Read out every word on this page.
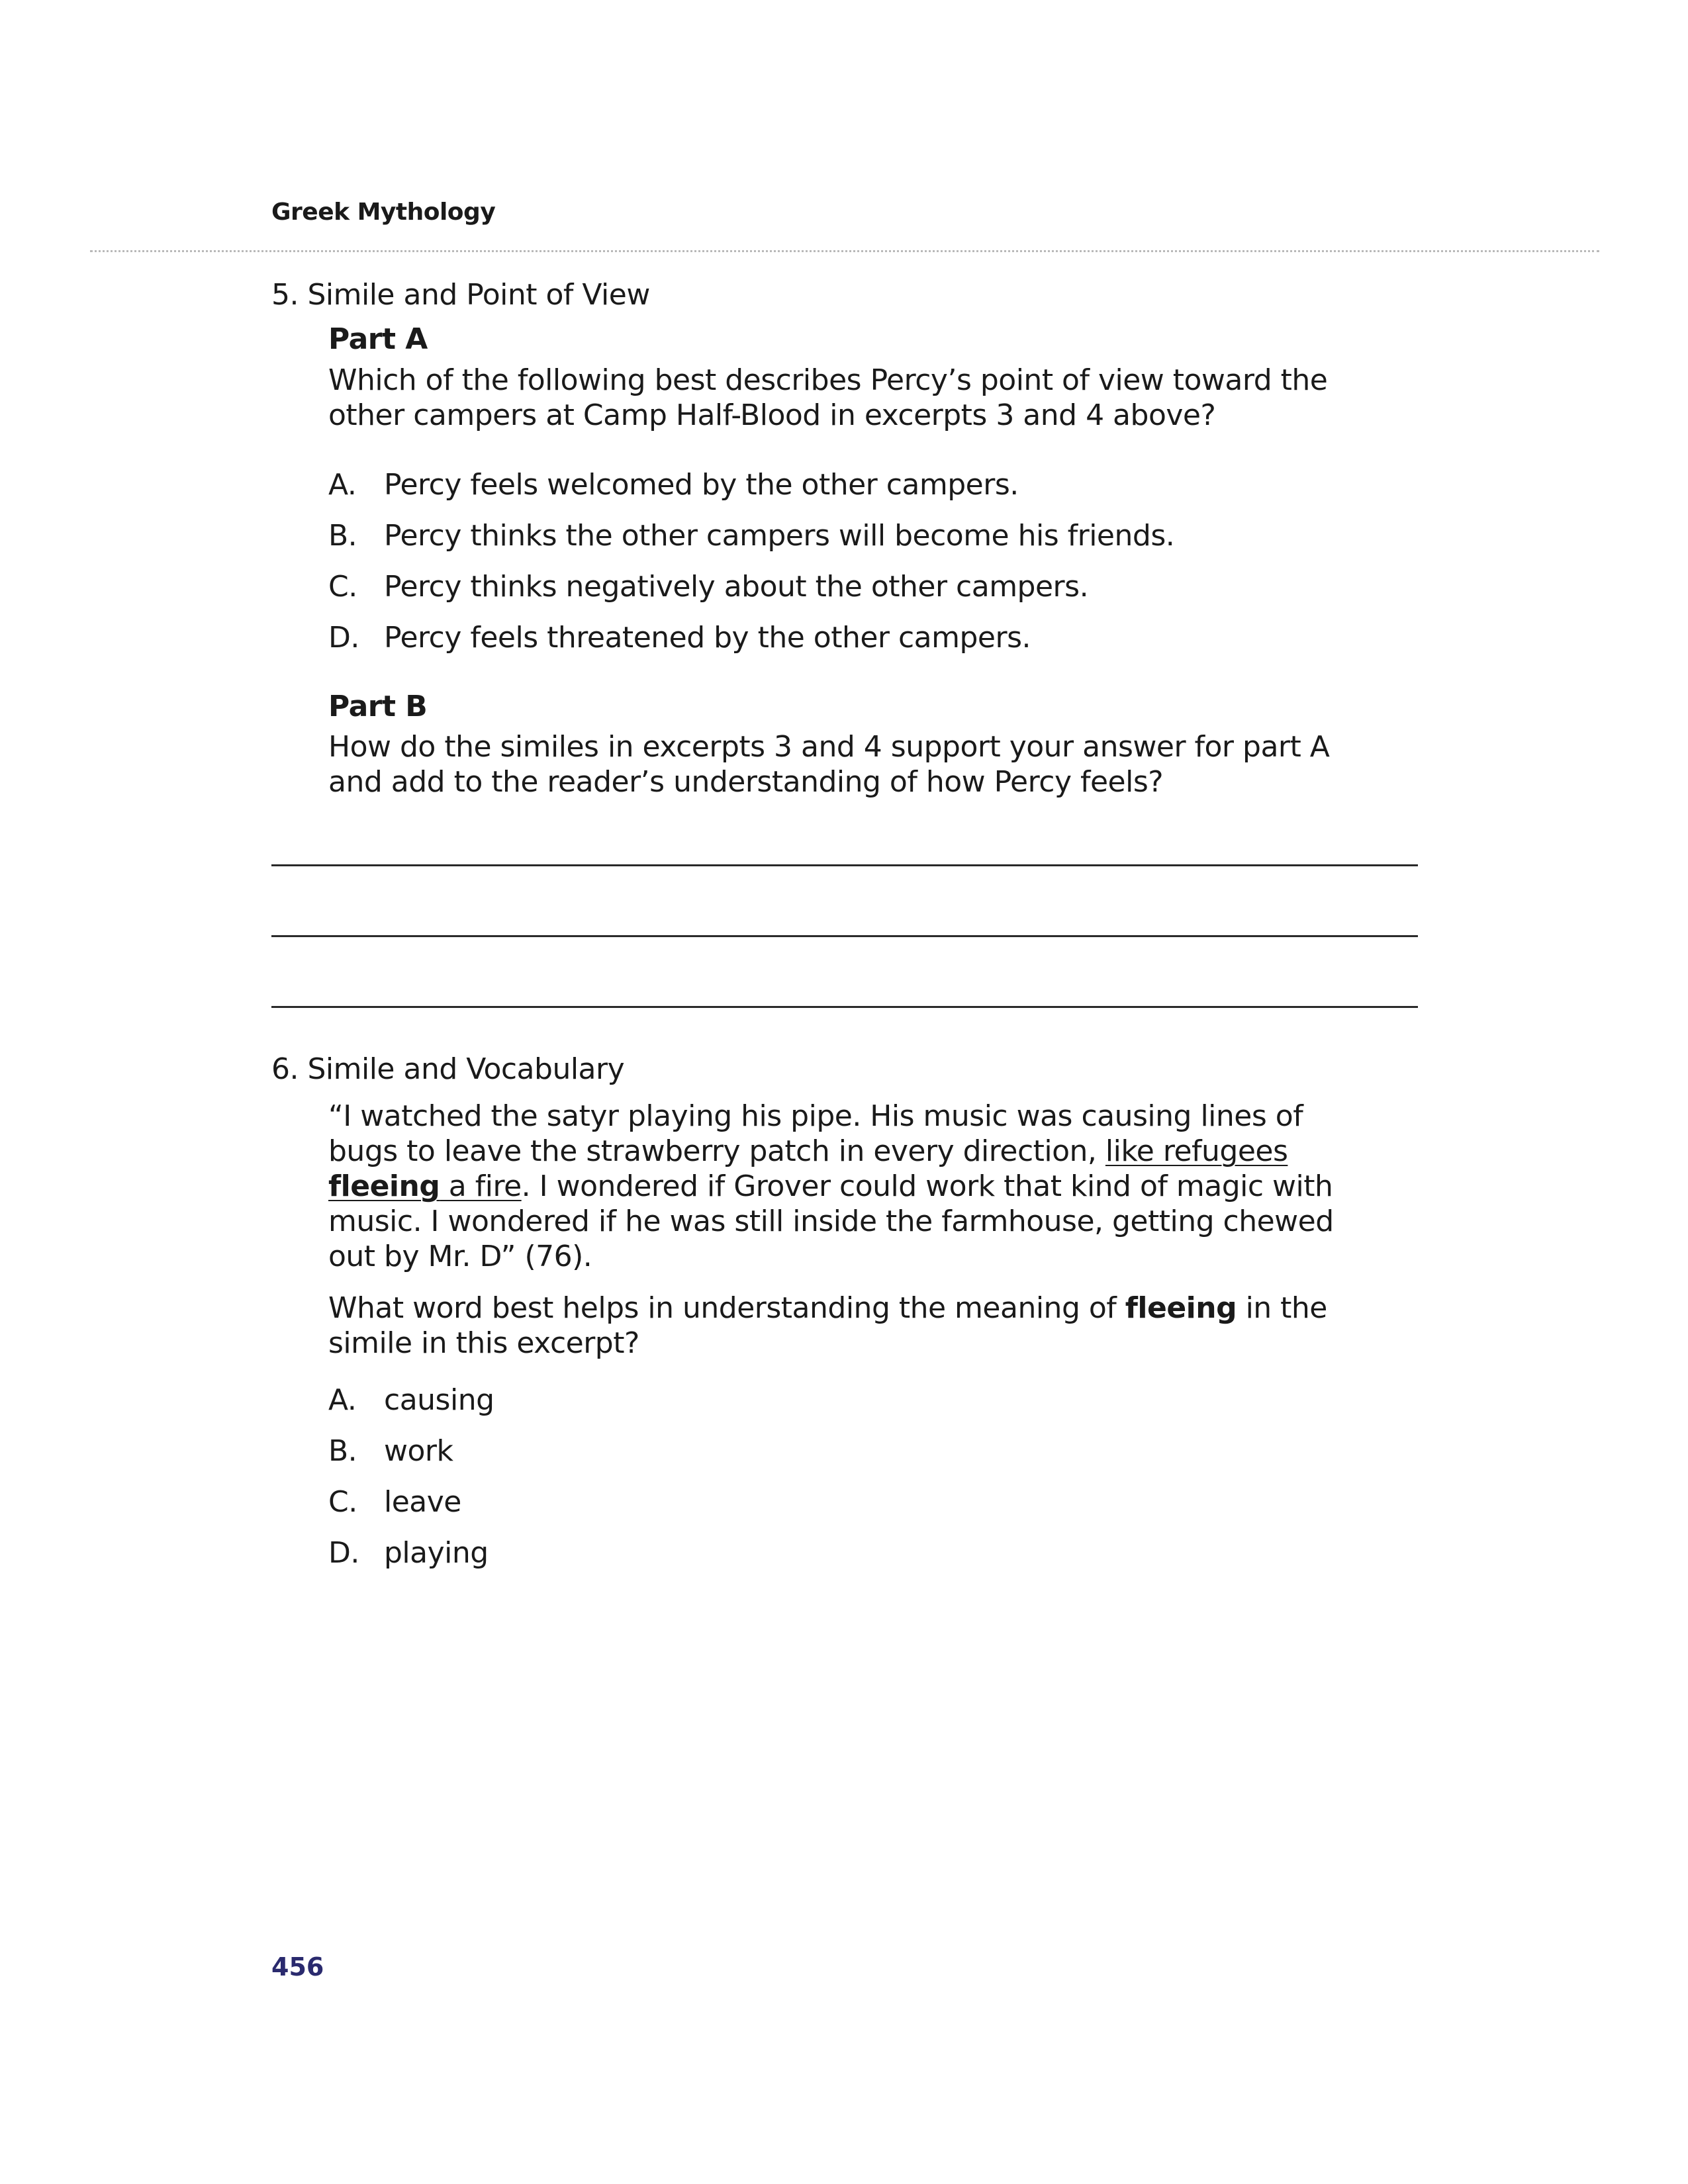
Greek Mythology
5. Simile and Point of View
Part A

Which of the following best describes Percy’s point of view toward the other campers at Camp Half-Blood in excerpts 3 and 4 above?

A. Percy feels welcomed by the other campers.
B. Percy thinks the other campers will become his friends.
C. Percy thinks negatively about the other campers.
D. Percy feels threatened by the other campers.
Part B

How do the similes in excerpts 3 and 4 support your answer for part A and add to the reader’s understanding of how Percy feels?

6. Simile and Vocabulary

“I watched the satyr playing his pipe. His music was causing lines of bugs to leave the strawberry patch in every direction, like refugees fleeing a fire. I wondered if Grover could work that kind of magic with music. I wondered if he was still inside the farmhouse, getting chewed out by Mr. D” (76).

What word best helps in understanding the meaning of fleeing in the simile in this excerpt?

A. causing
B. work
C. leave
D. playing
456
